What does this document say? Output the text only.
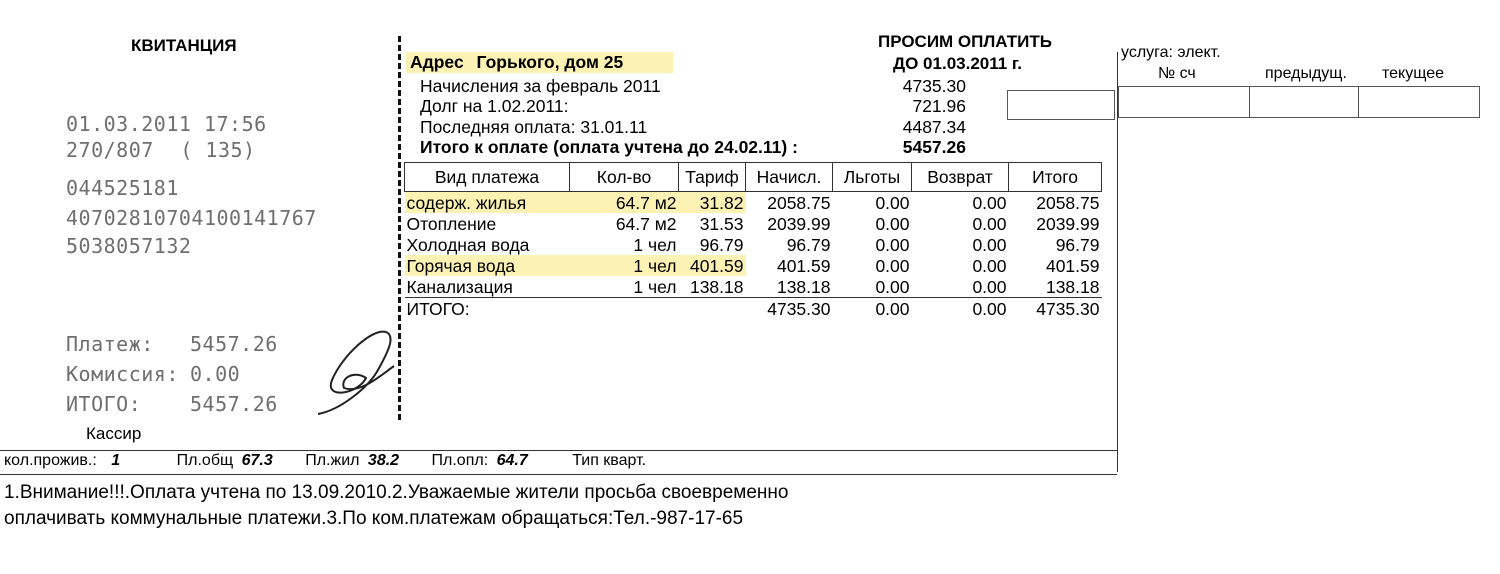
КВИТАНЦИЯ
01.03.2011 17:56
270/807 ( 135)
044525181
40702810704100141767
5038057132
Платеж: 5457.26
Комиссия: 0.00
ИТОГО: 5457.26
Кассир
Адрес Горького, дом 25
ПРОСИМ ОПЛАТИТЬ
ДО 01.03.2011 г.
Начисления за февраль 2011	4735.30
Долг на 1.02.2011:	721.96
Последняя оплата: 31.01.11	4487.34
Итого к оплате (оплата учтена до 24.02.11) :	5457.26
Вид платежа	Кол-во	Тариф	Начисл.	Льготы	Возврат	Итого
содерж. жилья	64.7 м2	31.82	2058.75	0.00	0.00	2058.75
Отопление	64.7 м2	31.53	2039.99	0.00	0.00	2039.99
Холодная вода	1 чел	96.79	96.79	0.00	0.00	96.79
Горячая вода	1 чел	401.59	401.59	0.00	0.00	401.59
Канализация	1 чел	138.18	138.18	0.00	0.00	138.18
ИТОГО:			4735.30	0.00	0.00	4735.30
услуга: элект.
№ сч	предыдущ. текущее

кол.прожив.: 1	Пл.общ 67.3 Пл.жил 38.2 Пл.опл: 64.7	Тип кварт.
1.Внимание!!!.Оплата учтена по 13.09.2010.2.Уважаемые жители просьба своевременно
оплачивать коммунальные платежи.3.По ком.платежам обращаться:Тел.-987-17-65
